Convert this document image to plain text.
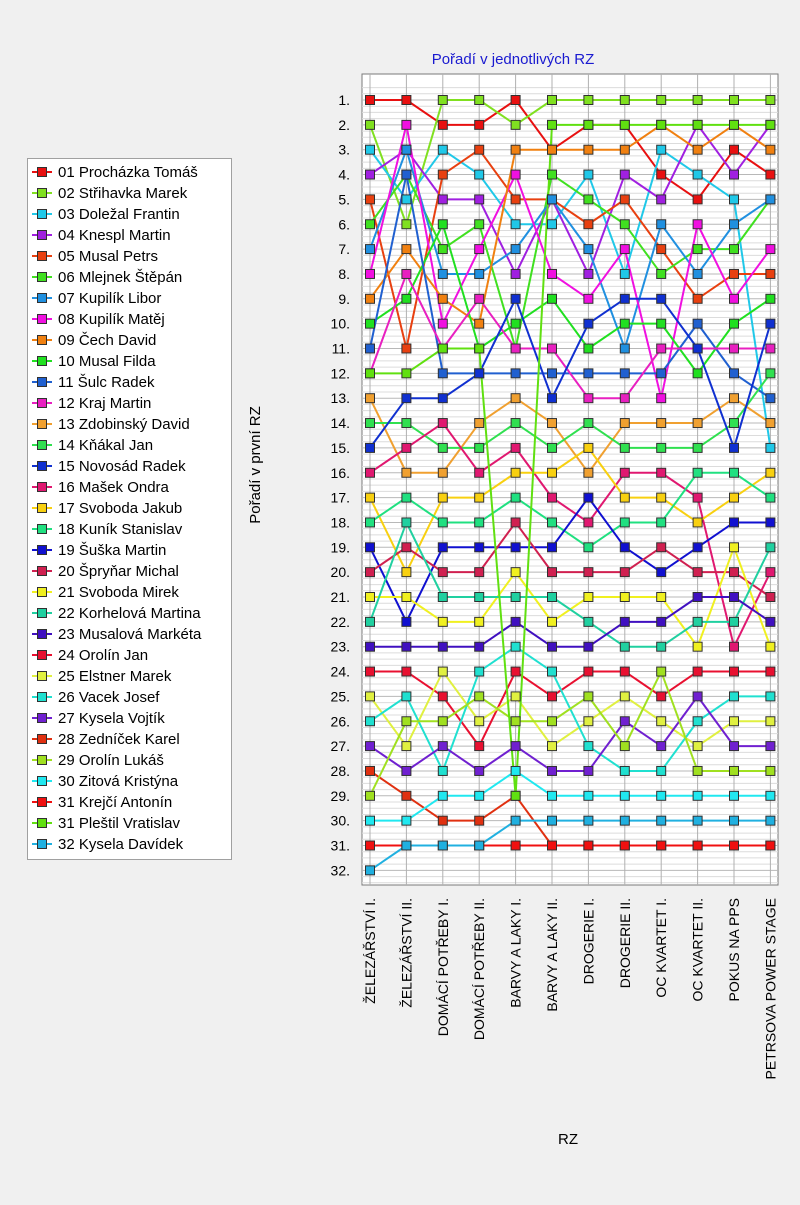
Pořadí v jednotlivých RZ
Pořadí v první RZ
RZ
1.
2.
3.
4.
5.
6.
7.
8.
9.
10.
11.
12.
13.
14.
15.
16.
17.
18.
19.
20.
21.
22.
23.
24.
25.
26.
27.
28.
29.
30.
31.
32.
ŽELEZÁŘSTVÍ I. ŽELEZÁŘSTVÍ II. DOMÁCÍ POTŘEBY I. DOMÁCÍ POTŘEBY II. BARVY A LAKY I. BARVY A LAKY II. DROGERIE I. DROGERIE II. OC KVARTET I. OC KVARTET II. POKUS NA PPS PETRSOVA POWER STAGE
01 Procházka Tomáš
02 Střihavka Marek
03 Doležal Frantin
04 Knespl Martin
05 Musal Petrs
06 Mlejnek Štěpán
07 Kupilík Libor
08 Kupilík Matěj
09 Čech David
10 Musal Filda
11 Šulc Radek
12 Kraj Martin
13 Zdobinský David
14 Kňákal Jan
15 Novosád Radek
16 Mašek Ondra
17 Svoboda Jakub
18 Kuník Stanislav
19 Šuška Martin
20 Špryňar Michal
21 Svoboda Mirek
22 Korhelová Martina
23 Musalová Markéta
24 Orolín Jan
25 Elstner Marek
26 Vacek Josef
27 Kysela Vojtík
28 Zedníček Karel
29 Orolín Lukáš
30 Zitová Kristýna
31 Krejčí Antonín
31 Pleštil Vratislav
32 Kysela Davídek
